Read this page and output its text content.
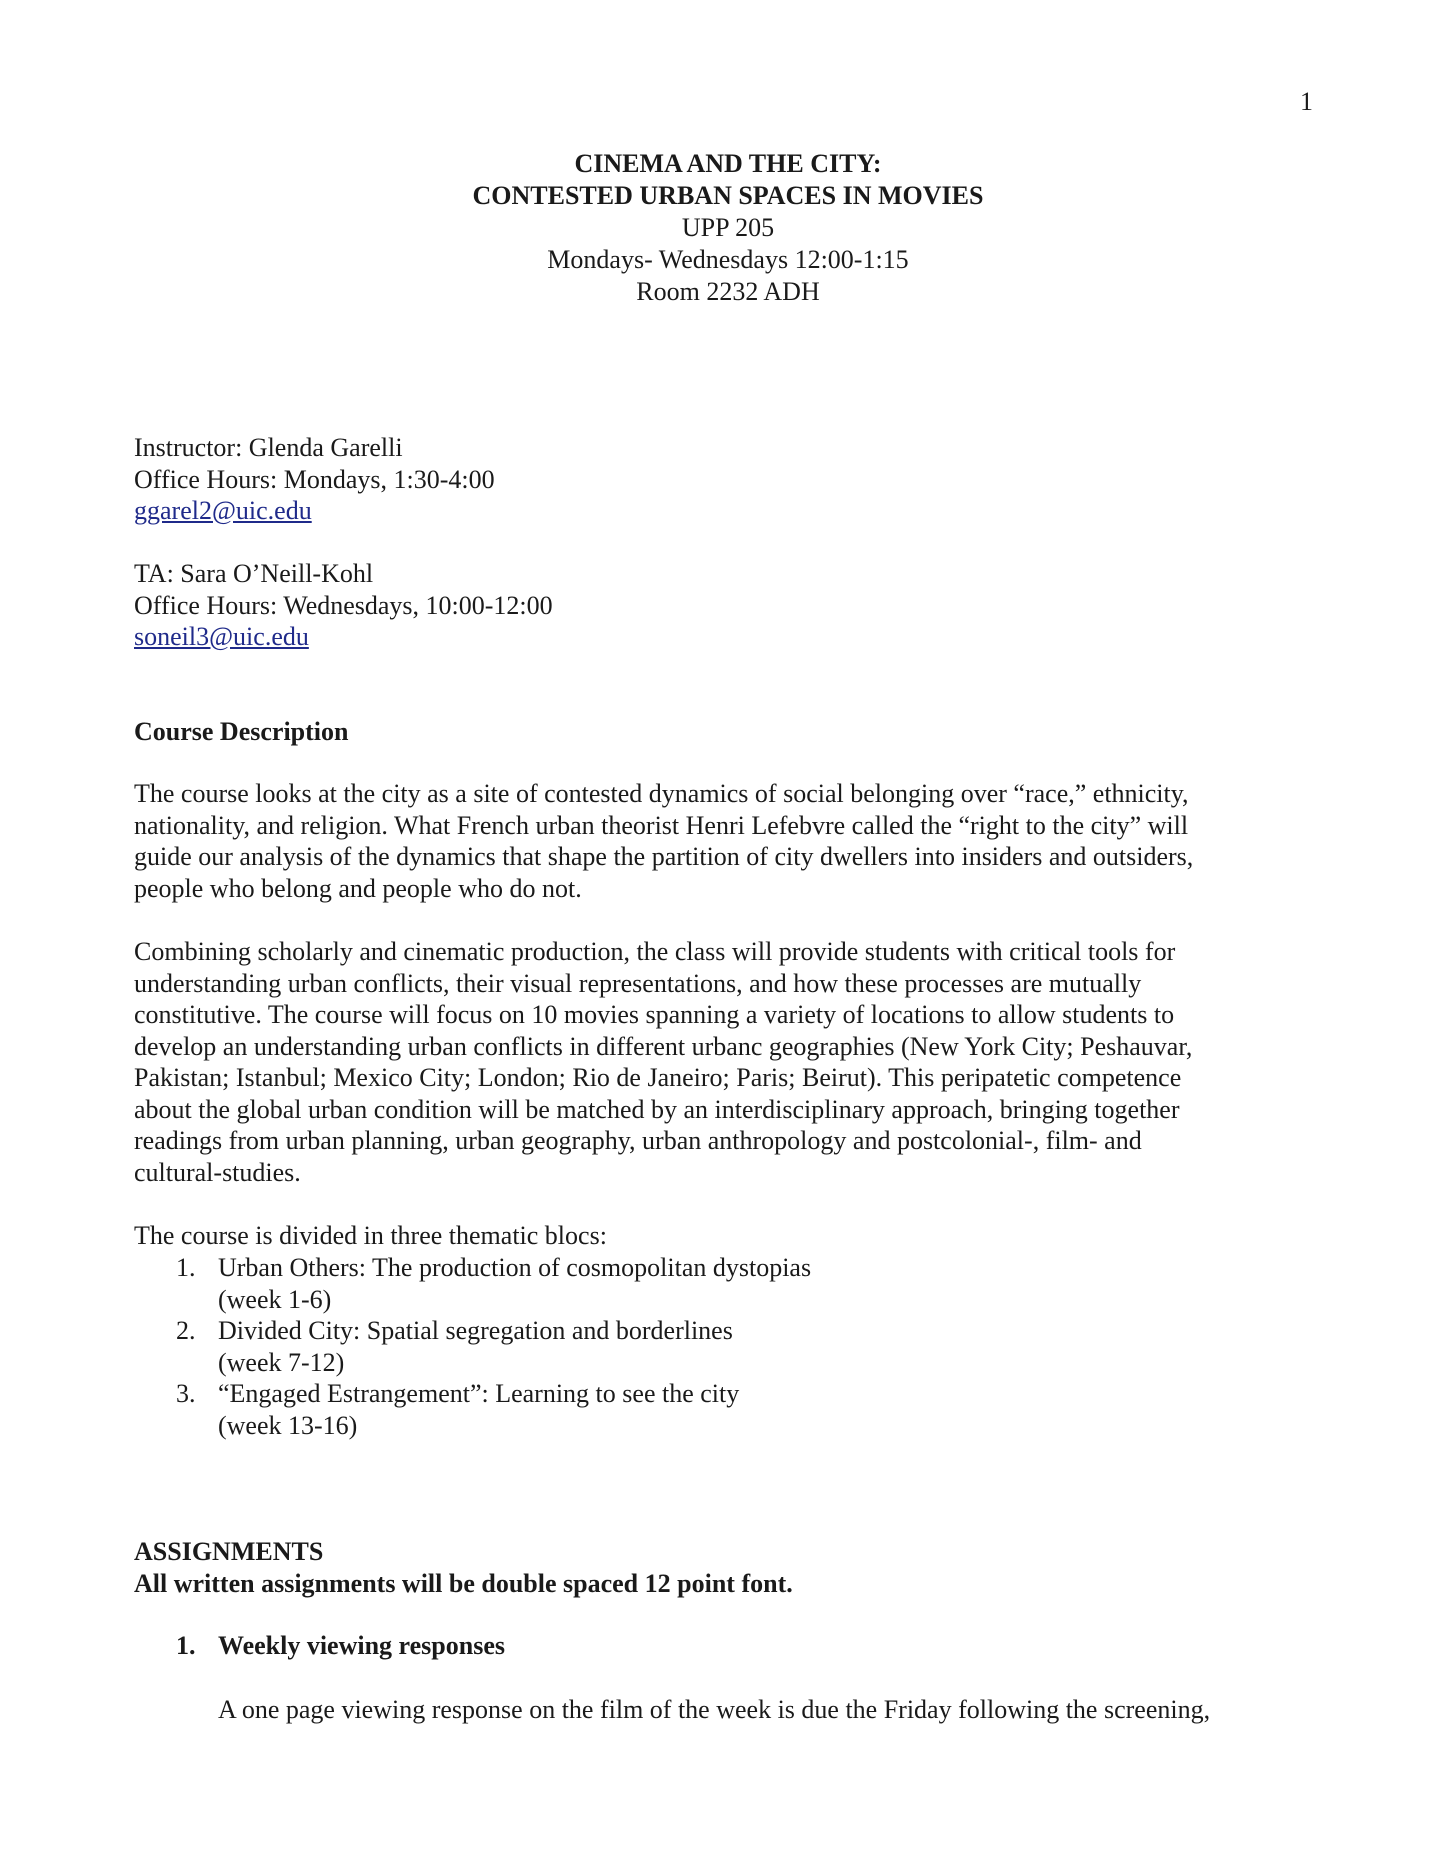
1
CINEMA AND THE CITY:
CONTESTED URBAN SPACES IN MOVIES
UPP 205
Mondays- Wednesdays 12:00-1:15
Room 2232 ADH
Instructor: Glenda Garelli
Office Hours: Mondays, 1:30-4:00
ggarel2@uic.edu
TA: Sara O’Neill-Kohl
Office Hours: Wednesdays, 10:00-12:00
soneil3@uic.edu
Course Description
The course looks at the city as a site of contested dynamics of social belonging over “race,” ethnicity,
nationality, and religion. What French urban theorist Henri Lefebvre called the “right to the city” will
guide our analysis of the dynamics that shape the partition of city dwellers into insiders and outsiders,
people who belong and people who do not.
Combining scholarly and cinematic production, the class will provide students with critical tools for
understanding urban conflicts, their visual representations, and how these processes are mutually
constitutive. The course will focus on 10 movies spanning a variety of locations to allow students to
develop an understanding urban conflicts in different urbanc geographies (New York City; Peshauvar,
Pakistan; Istanbul; Mexico City; London; Rio de Janeiro; Paris; Beirut). This peripatetic competence
about the global urban condition will be matched by an interdisciplinary approach, bringing together
readings from urban planning, urban geography, urban anthropology and postcolonial-, film- and
cultural-studies.
The course is divided in three thematic blocs:
1. Urban Others: The production of cosmopolitan dystopias
(week 1-6)
2. Divided City: Spatial segregation and borderlines
(week 7-12)
3. “Engaged Estrangement”: Learning to see the city
(week 13-16)
ASSIGNMENTS
All written assignments will be double spaced 12 point font.
1. Weekly viewing responses
A one page viewing response on the film of the week is due the Friday following the screening,
